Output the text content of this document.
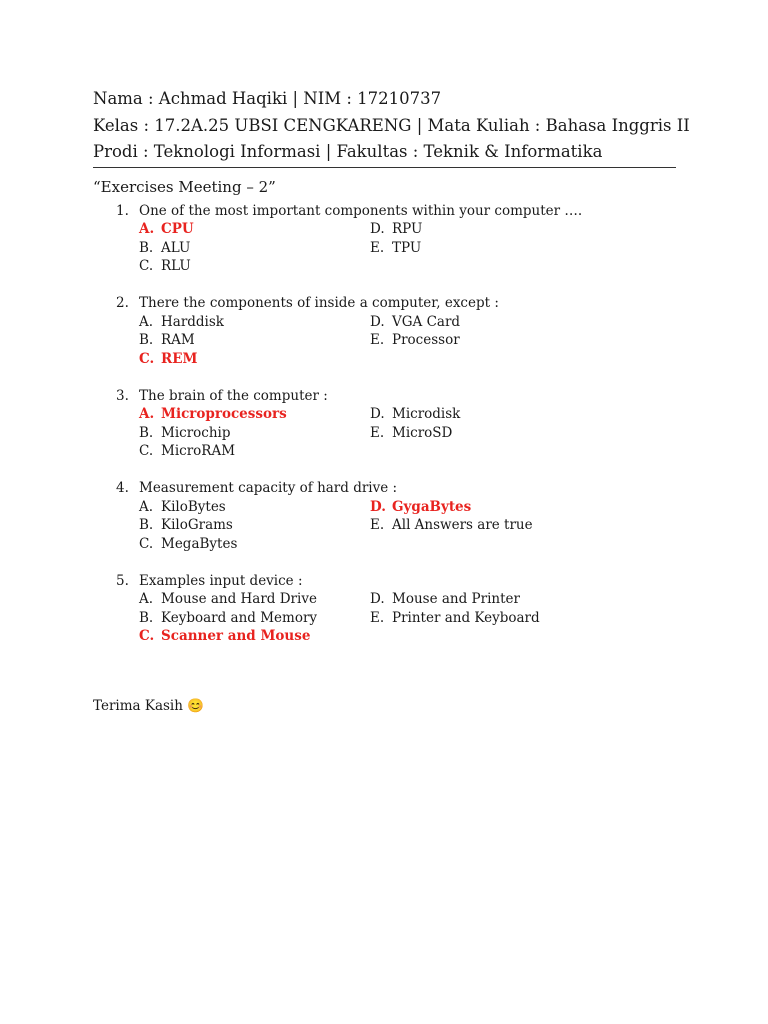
Nama : Achmad Haqiki | NIM : 17210737
Kelas : 17.2A.25 UBSI CENGKARENG | Mata Kuliah : Bahasa Inggris II
Prodi : Teknologi Informasi | Fakultas : Teknik & Informatika
“Exercises Meeting – 2”
1. One of the most important components within your computer ….
A. CPU
B. ALU
C. RLU
D. RPU
E. TPU
2. There the components of inside a computer, except :
A. Harddisk
B. RAM
C. REM
D. VGA Card
E. Processor
3. The brain of the computer :
A. Microprocessors
B. Microchip
C. MicroRAM
D. Microdisk
E. MicroSD
4. Measurement capacity of hard drive :
A. KiloBytes
B. KiloGrams
C. MegaBytes
D. GygaBytes
E. All Answers are true
5. Examples input device :
A. Mouse and Hard Drive
B. Keyboard and Memory
C. Scanner and Mouse
D. Mouse and Printer
E. Printer and Keyboard
Terima Kasih 😊
